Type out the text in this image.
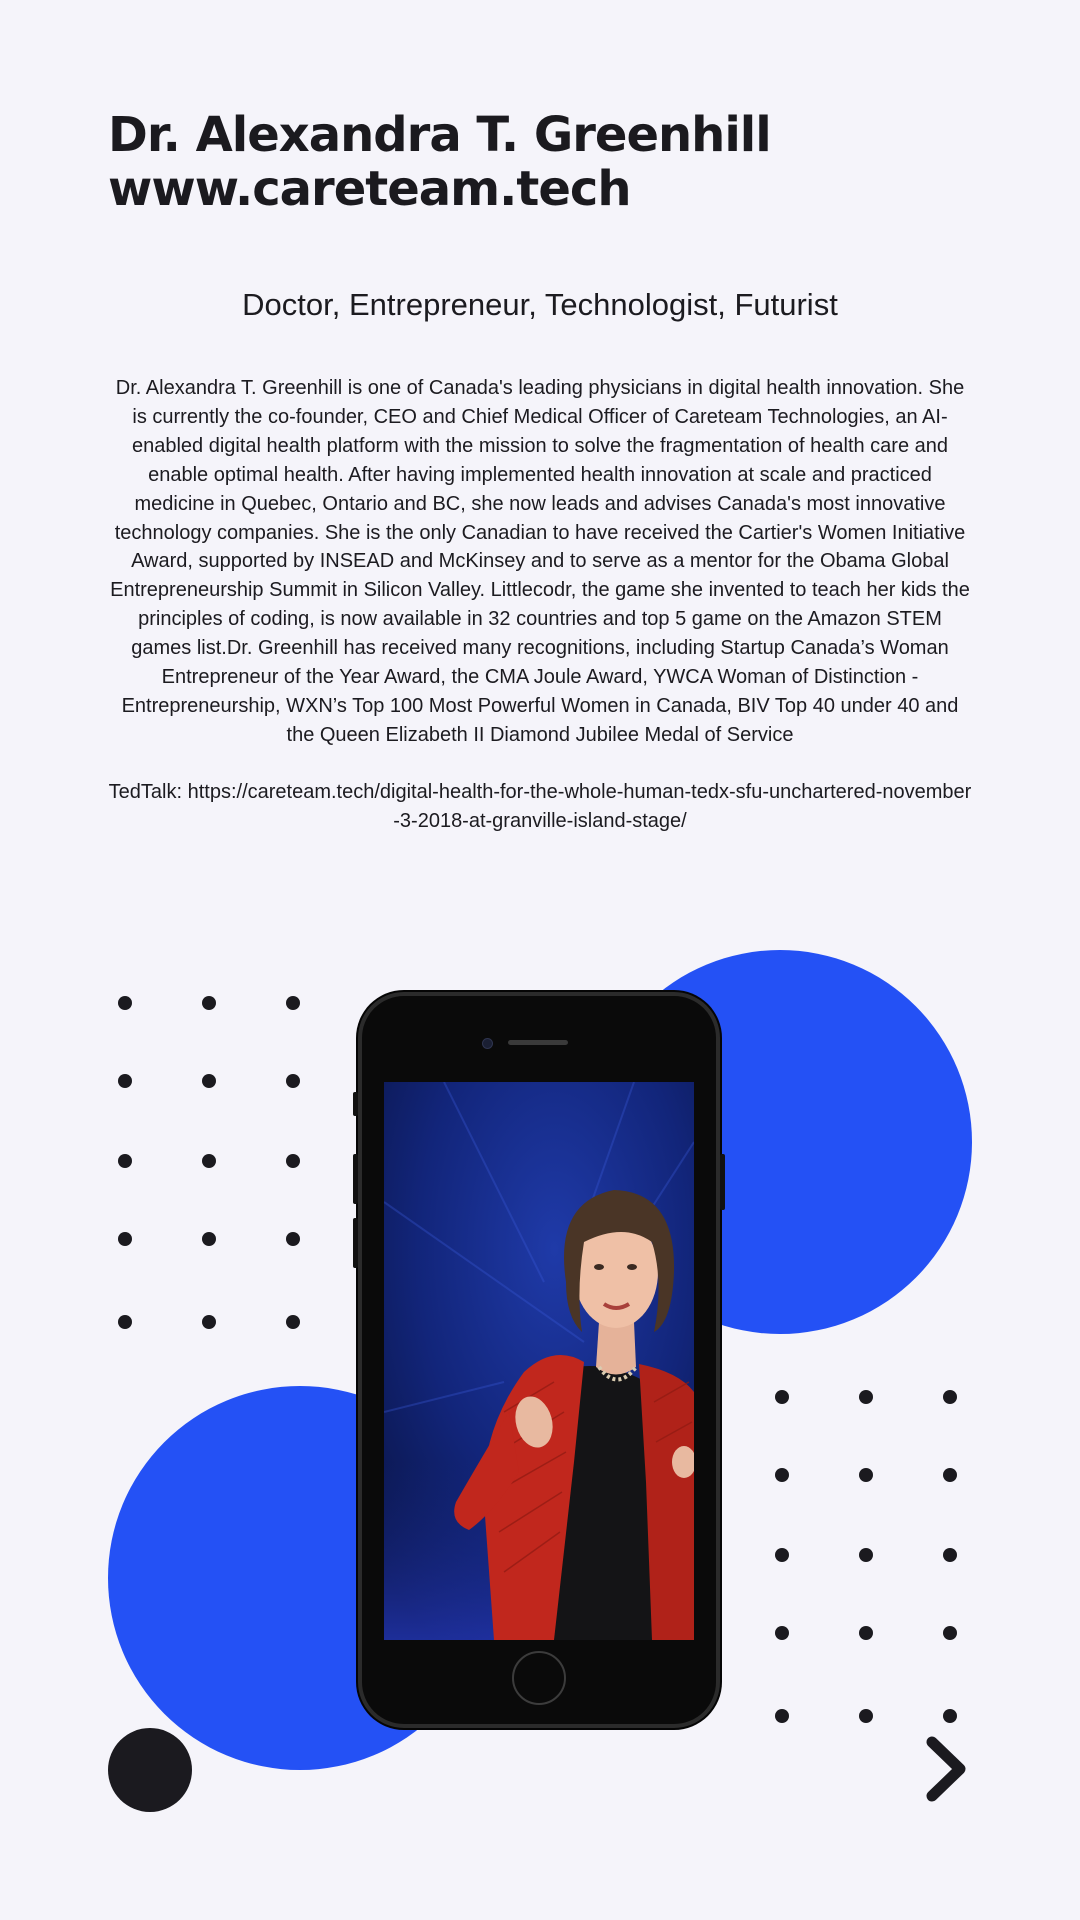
Dr. Alexandra T. Greenhill
www.careteam.tech

Doctor, Entrepreneur, Technologist, Futurist

Dr. Alexandra T. Greenhill is one of Canada's leading physicians in digital health innovation. She is currently the co-founder, CEO and Chief Medical Officer of Careteam Technologies, an AI-enabled digital health platform with the mission to solve the fragmentation of health care and enable optimal health. After having implemented health innovation at scale and practiced medicine in Quebec, Ontario and BC, she now leads and advises Canada's most innovative technology companies. She is the only Canadian to have received the Cartier's Women Initiative Award, supported by INSEAD and McKinsey and to serve as a mentor for the Obama Global Entrepreneurship Summit in Silicon Valley. Littlecodr, the game she invented to teach her kids the principles of coding, is now available in 32 countries and top 5 game on the Amazon STEM games list.Dr. Greenhill has received many recognitions, including Startup Canada’s Woman Entrepreneur of the Year Award, the CMA Joule Award, YWCA Woman of Distinction - Entrepreneurship, WXN’s Top 100 Most Powerful Women in Canada, BIV Top 40 under 40 and the Queen Elizabeth II Diamond Jubilee Medal of Service

TedTalk: https://careteam.tech/digital-health-for-the-whole-human-tedx-sfu-unchartered-november-3-2018-at-granville-island-stage/
